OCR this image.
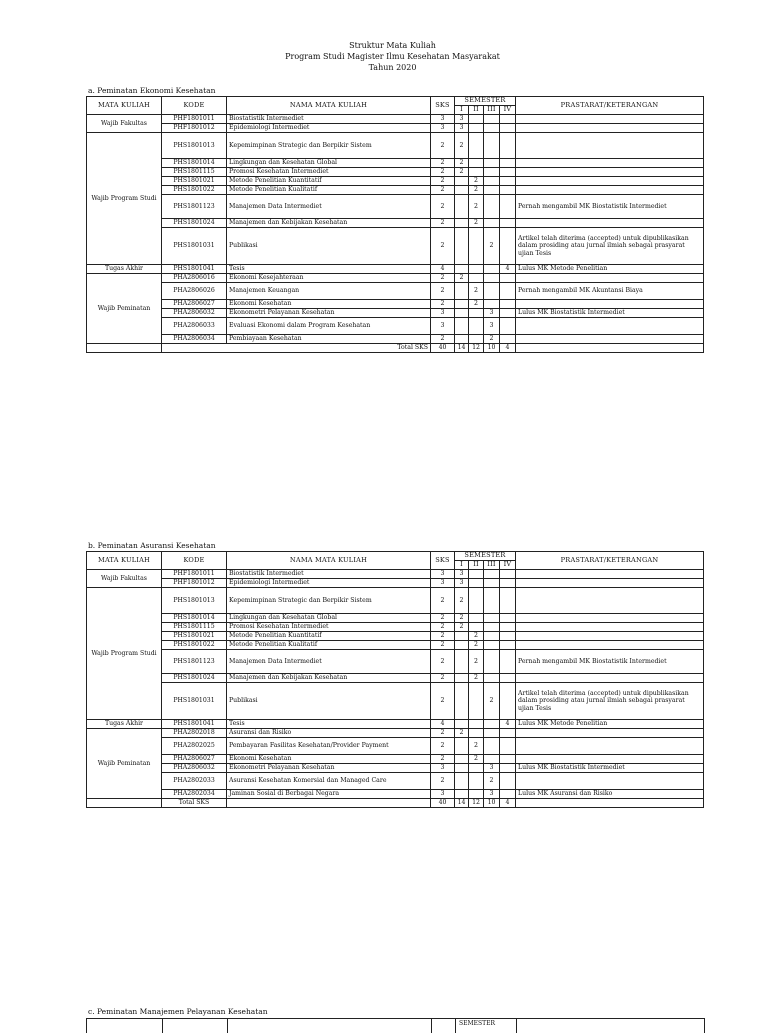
Struktur Mata Kuliah
Program Studi Magister Ilmu Kesehatan Masyarakat
Tahun 2020
a. Peminatan Ekonomi Kesehatan
MATA KULIAH	KODE	NAMA MATA KULIAH	SKS	SEMESTER				PRASTARAT/KETERANGAN
				I	II	III	IV	
Wajib Fakultas	PHF1801011	Biostatistik Intermediet	3	3				
	PHF1801012	Epidemiologi Intermediet	3	3				
Wajib Program Studi	PHS1801013	Kepemimpinan Strategic dan Berpikir Sistem	2	2				
	PHS1801014	Lingkungan dan Kesehatan Global	2	2				
	PHS1801115	Promosi Kesehatan Intermediet	2	2				
	PHS1801021	Metode Penelitian Kuantitatif	2		2			
	PHS1801022	Metode Penelitian Kualitatif	2		2			
	PHS1801123	Manajemen Data Intermediet	2		2			Pernah mengambil MK Biostatistik Intermediet
	PHS1801024	Manajemen dan Kebijakan Kesehatan	2		2			
	PHS1801031	Publikasi	2			2		Artikel telah diterima (accepted) untuk dipublikasikan dalam prosiding atau jurnal ilmiah sebagai prasyarat ujian Tesis
Tugas Akhir	PHS1801041	Tesis	4				4	Lulus MK Metode Penelitian
Wajib Peminatan	PHA2806016	Ekonomi Kesejahteraan	2	2				
	PHA2806026	Manajemen Keuangan	2		2			Pernah mengambil MK Akuntansi Biaya
	PHA2806027	Ekonomi Kesehatan	2		2			
	PHA2806032	Ekonometri Pelayanan Kesehatan	3			3		Lulus MK Biostatistik Intermediet
	PHA2806033	Evaluasi Ekonomi dalam Program Kesehatan	3			3		
	PHA2806034	Pembiayaan Kesehatan	2			2		
	Total SKS		40	14	12	10	4	
b. Peminatan Asuransi Kesehatan
MATA KULIAH	KODE	NAMA MATA KULIAH	SKS	SEMESTER				PRASTARAT/KETERANGAN
				I	II	III	IV	
Wajib Fakultas	PHF1801011	Biostatistik Intermediet	3	3				
	PHF1801012	Epidemiologi Intermediet	3	3				
Wajib Program Studi	PHS1801013	Kepemimpinan Strategic dan Berpikir Sistem	2	2				
	PHS1801014	Lingkungan dan Kesehatan Global	2	2				
	PHS1801115	Promosi Kesehatan Intermediet	2	2				
	PHS1801021	Metode Penelitian Kuantitatif	2		2			
	PHS1801022	Metode Penelitian Kualitatif	2		2			
	PHS1801123	Manajemen Data Intermediet	2		2			Pernah mengambil MK Biostatistik Intermediet
	PHS1801024	Manajemen dan Kebijakan Kesehatan	2		2			
	PHS1801031	Publikasi	2			2		Artikel telah diterima (accepted) untuk dipublikasikan dalam prosiding atau jurnal ilmiah sebagai prasyarat ujian Tesis
Tugas Akhir	PHS1801041	Tesis	4				4	Lulus MK Metode Penelitian
Wajib Peminatan	PHA2802018	Asuransi dan Risiko	2	2				
	PHA2802025	Pembayaran Fasilitas Kesehatan/Provider Payment	2		2			
	PHA2806027	Ekonomi Kesehatan	2		2			
	PHA2806032	Ekonometri Pelayanan Kesehatan	3			3		Lulus MK Biostatistik Intermediet
	PHA2802033	Asuransi Kesehatan Komersial dan Managed Care	2			2		
	PHA2802034	Jaminan Sosial di Berbagai Negara	3			3		Lulus MK Asuransi dan Risiko
	Total SKS		40	14	12	10	4	
c. Peminatan Manajemen Pelayanan Kesehatan
SEMESTER
